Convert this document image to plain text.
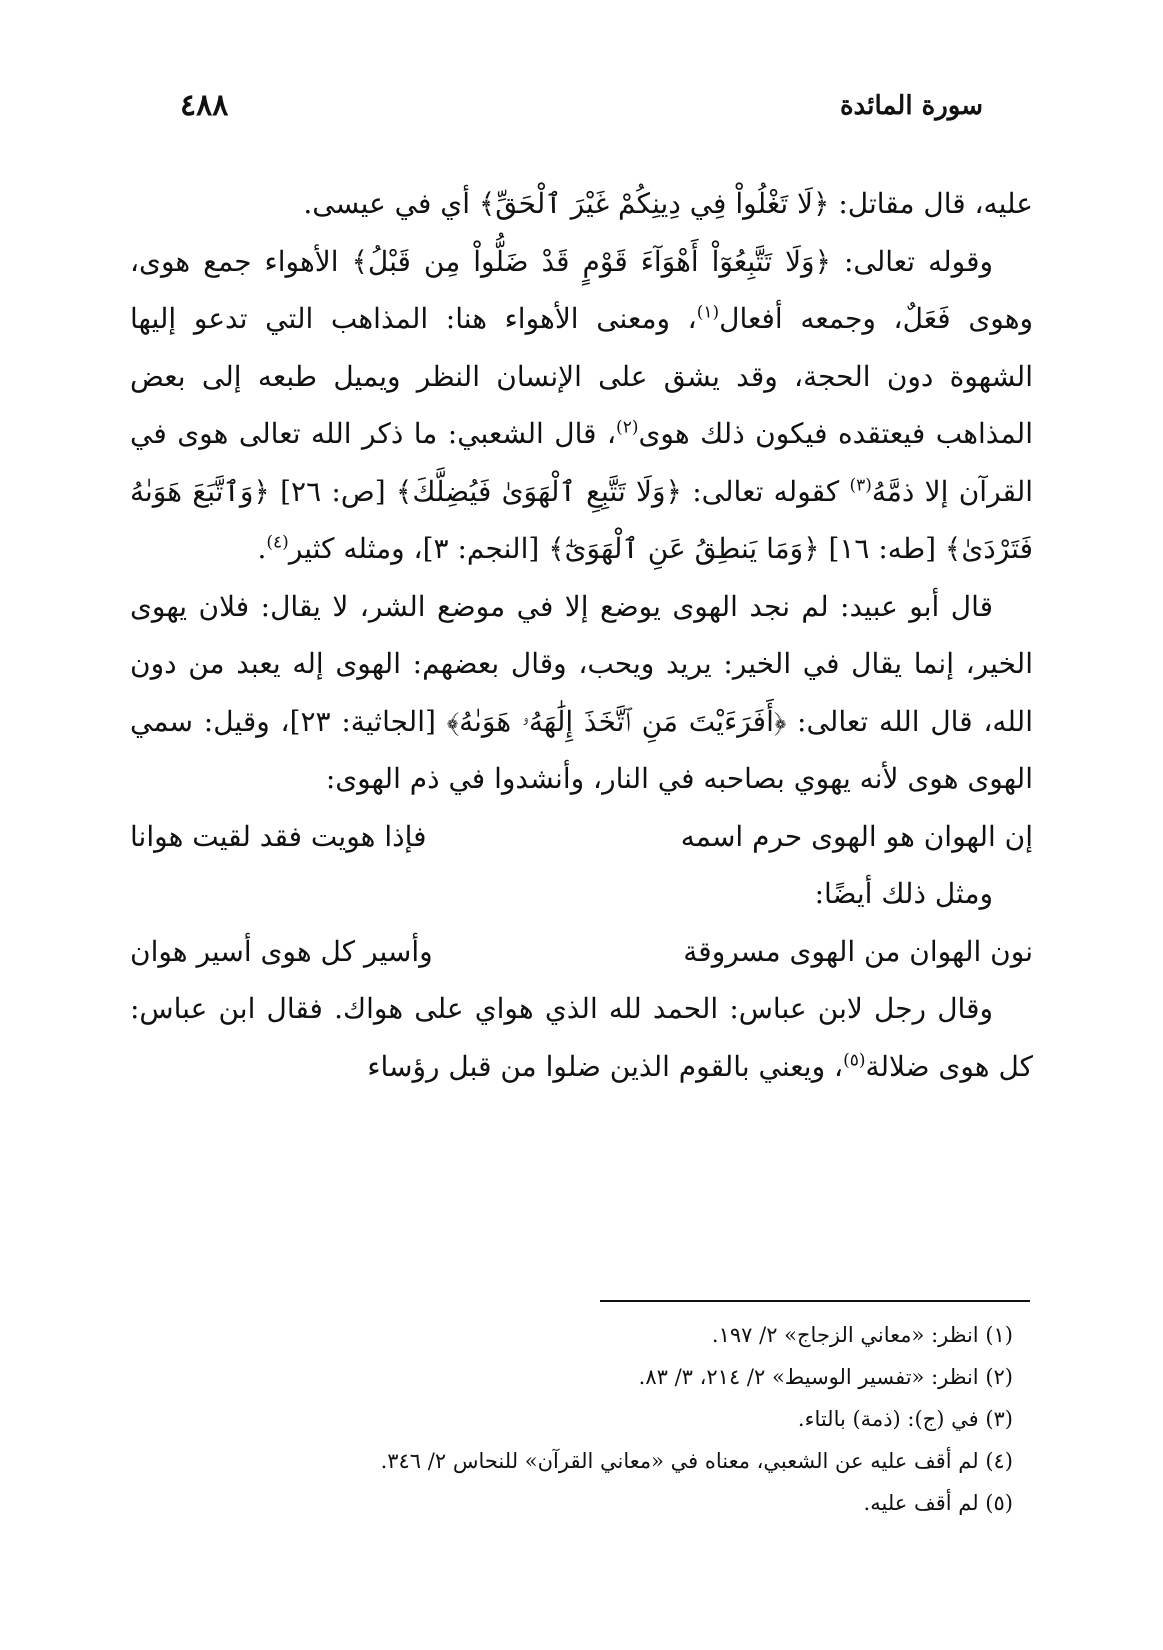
٤٨٨	سورة المائدة

عليه، قال مقاتل: ﴿لَا تَغْلُواْ فِي دِينِكُمْ غَيْرَ ٱلْحَقِّ﴾ أي في عيسى.

وقوله تعالى: ﴿وَلَا تَتَّبِعُوٓاْ أَهْوَآءَ قَوْمٍ قَدْ ضَلُّواْ مِن قَبْلُ﴾ الأهواء جمع هوى، وهوى فَعَلٌ، وجمعه أفعال$^{(١)}$، ومعنى الأهواء هنا: المذاهب التي تدعو إليها الشهوة دون الحجة، وقد يشق على الإنسان النظر ويميل طبعه إلى بعض المذاهب فيعتقده فيكون ذلك هوى$^{(٢)}$، قال الشعبي: ما ذكر الله تعالى هوى في القرآن إلا ذمَّهُ$^{(٣)}$ كقوله تعالى: ﴿وَلَا تَتَّبِعِ ٱلْهَوَىٰ فَيُضِلَّكَ﴾ [ص: ٢٦] ﴿وَٱتَّبَعَ هَوَىٰهُ فَتَرْدَىٰ﴾ [طه: ١٦] ﴿وَمَا يَنطِقُ عَنِ ٱلْهَوَىٰٓ﴾ [النجم: ٣]، ومثله كثير$^{(٤)}$.

قال أبو عبيد: لم نجد الهوى يوضع إلا في موضع الشر، لا يقال: فلان يهوى الخير، إنما يقال في الخير: يريد ويحب، وقال بعضهم: الهوى إله يعبد من دون الله، قال الله تعالى: ﴿أَفَرَءَيْتَ مَنِ ٱتَّخَذَ إِلَٰهَهُۥ هَوَىٰهُ﴾ [الجاثية: ٢٣]، وقيل: سمي الهوى هوى لأنه يهوي بصاحبه في النار، وأنشدوا في ذم الهوى:

إن الهوان هو الهوى حرم اسمه
فإذا هويت فقد لقيت هوانا

ومثل ذلك أيضًا:

نون الهوان من الهوى مسروقة
وأسير كل هوى أسير هوان

وقال رجل لابن عباس: الحمد لله الذي هواي على هواك. فقال ابن عباس: كل هوى ضلالة$^{(٥)}$، ويعني بالقوم الذين ضلوا من قبل رؤساء

(١) انظر: «معاني الزجاج» ٢/ ١٩٧.
(٢) انظر: «تفسير الوسيط» ٢/ ٢١٤، ٣/ ٨٣.
(٣) في (ج): (ذمة) بالتاء.
(٤) لم أقف عليه عن الشعبي، معناه في «معاني القرآن» للنحاس ٢/ ٣٤٦.
(٥) لم أقف عليه.
